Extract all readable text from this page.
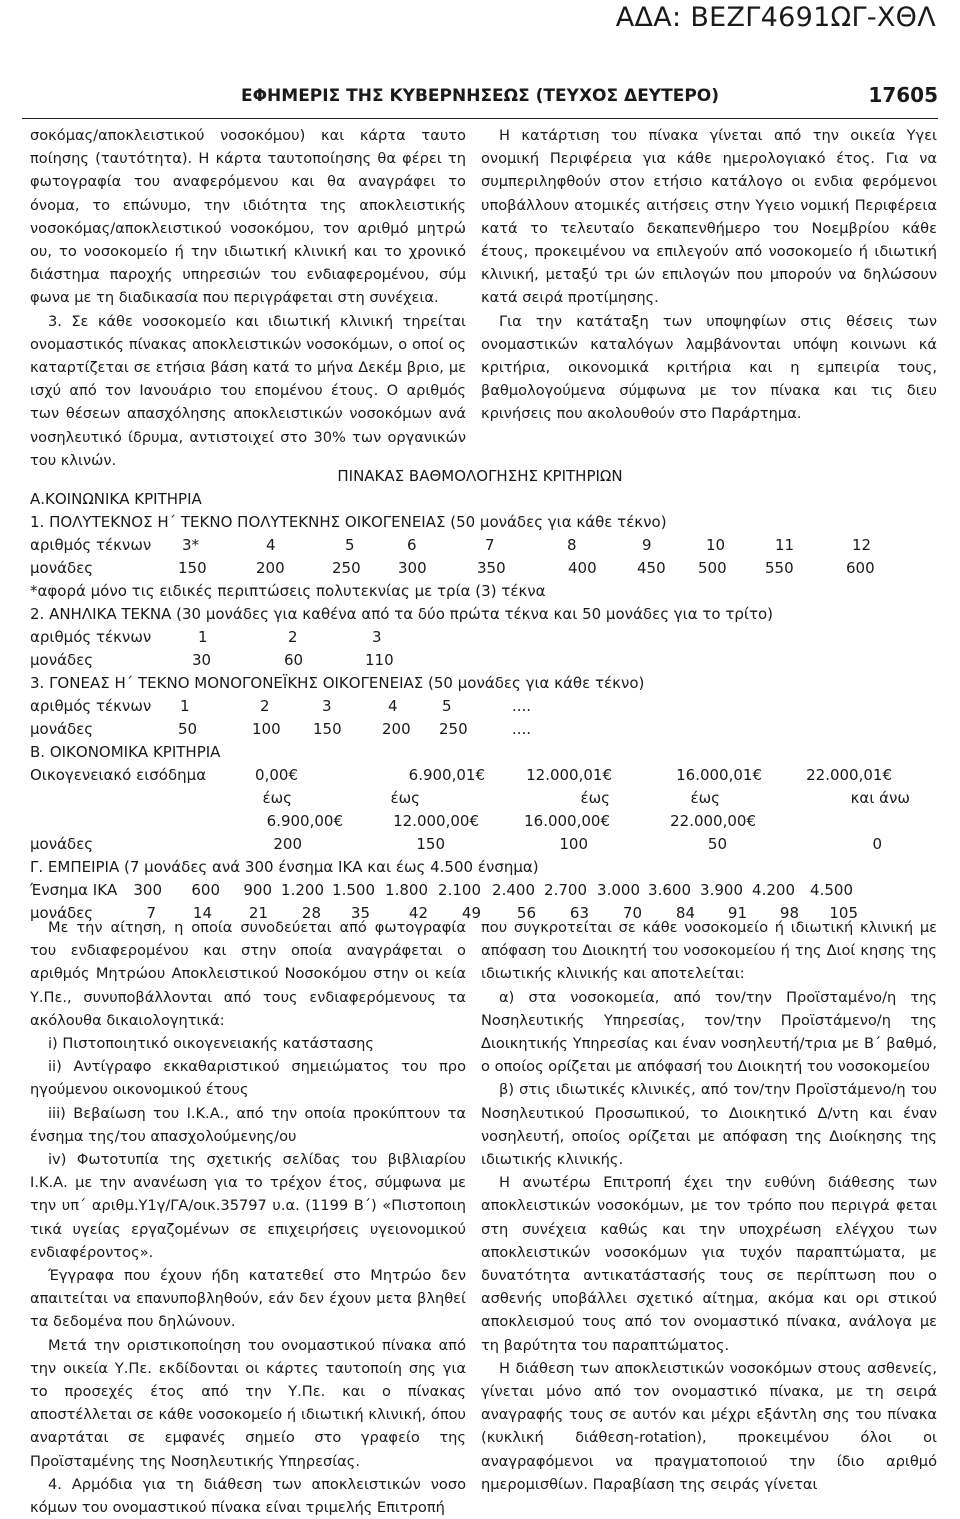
ΑΔΑ: ΒΕΖΓ4691ΩΓ-ΧΘΛ
ΕΦΗΜΕΡΙΣ ΤΗΣ ΚΥΒΕΡΝΗΣΕΩΣ (ΤΕΥΧΟΣ ΔΕΥΤΕΡΟ)	17605

σοκόμας/αποκλειστικού νοσοκόμου) και κάρτα ταυτο ποίησης (ταυτότητα). Η κάρτα ταυτοποίησης θα φέρει τη φωτογραφία του αναφερόμενου και θα αναγράφει το όνομα, το επώνυμο, την ιδιότητα της αποκλειστικής νοσοκόμας/αποκλειστικού νοσοκόμου, τον αριθμό μητρώ ου, το νοσοκομείο ή την ιδιωτική κλινική και το χρονικό διάστημα παροχής υπηρεσιών του ενδιαφερομένου, σύμ φωνα με τη διαδικασία που περιγράφεται στη συνέχεια.

3. Σε κάθε νοσοκομείο και ιδιωτική κλινική τηρείται ονομαστικός πίνακας αποκλειστικών νοσοκόμων, ο οποί ος καταρτίζεται σε ετήσια βάση κατά το μήνα Δεκέμ βριο, με ισχύ από τον Ιανουάριο του επομένου έτους. Ο αριθμός των θέσεων απασχόλησης αποκλειστικών νοσοκόμων ανά νοσηλευτικό ίδρυμα, αντιστοιχεί στο 30% των οργανικών του κλινών.

Η κατάρτιση του πίνακα γίνεται από την οικεία Υγει ονομική Περιφέρεια για κάθε ημερολογιακό έτος. Για να συμπεριληφθούν στον ετήσιο κατάλογο οι ενδια φερόμενοι υποβάλλουν ατομικές αιτήσεις στην Υγειο νομική Περιφέρεια κατά το τελευταίο δεκαπενθήμερο του Νοεμβρίου κάθε έτους, προκειμένου να επιλεγούν από νοσοκομείο ή ιδιωτική κλινική, μεταξύ τρι ών επιλογών που μπορούν να δηλώσουν κατά σειρά προτίμησης.

Για την κατάταξη των υποψηφίων στις θέσεις των ονομαστικών καταλόγων λαμβάνονται υπόψη κοινωνι κά κριτήρια, οικονομικά κριτήρια και η εμπειρία τους, βαθμολογούμενα σύμφωνα με τον πίνακα και τις διευ κρινήσεις που ακολουθούν στο Παράρτημα.

ΠΙΝΑΚΑΣ ΒΑΘΜΟΛΟΓΗΣΗΣ ΚΡΙΤΗΡΙΩΝ
Α.ΚΟΙΝΩΝΙΚΑ ΚΡΙΤΗΡΙΑ
1. ΠΟΛΥΤΕΚΝΟΣ Η΄ ΤΕΚΝΟ ΠΟΛΥΤΕΚΝΗΣ ΟΙΚΟΓΕΝΕΙΑΣ (50 μονάδες για κάθε τέκνο)
αριθμός τέκνων 3*	4	5	6	7	8	9	10	11	12
μονάδες	150	200	250 300	350	400	450 500	550	600
*αφορά μόνο τις ειδικές περιπτώσεις πολυτεκνίας με τρία (3) τέκνα
2. ΑΝΗΛΙΚΑ ΤΕΚΝΑ (30 μονάδες για καθένα από τα δύο πρώτα τέκνα και 50 μονάδες για το τρίτο)
αριθμός τέκνων	1	2	3
μονάδες	30	60	110
3. ΓΟΝΕΑΣ Η΄ ΤΕΚΝΟ ΜΟΝΟΓΟΝΕΪΚΗΣ ΟΙΚΟΓΕΝΕΙΑΣ (50 μονάδες για κάθε τέκνο)
αριθμός τέκνων 1	2	3	4	5	....
μονάδες	50	100 150	200 250	....
Β. ΟΙΚΟΝΟΜΙΚΑ ΚΡΙΤΗΡΙΑ
Οικογενειακό εισόδημα	0,00€	6.900,01€	12.000,01€	16.000,01€	22.000,01€
έως	έως	έως	έως	και άνω
6.900,00€	12.000,00€	16.000,00€	22.000,00€
μονάδες	200	150	100	50	0
Γ. ΕΜΠΕΙΡΙΑ (7 μονάδες ανά 300 ένσημα ΙΚΑ και έως 4.500 ένσημα)
Ένσημα ΙΚΑ 300 600 900 1.200 1.500 1.800 2.100 2.400 2.700 3.000 3.600 3.900 4.200 4.500
μονάδες	7 14 21 28 35	42 49 56 63 70 84 91 98 105

Με την αίτηση, η οποία συνοδεύεται από φωτογραφία του ενδιαφερομένου και στην οποία αναγράφεται ο αριθμός Μητρώου Αποκλειστικού Νοσοκόμου στην οι κεία Υ.Πε., συνυποβάλλονται από τους ενδιαφερόμενους τα ακόλουθα δικαιολογητικά:

i) Πιστοποιητικό οικογενειακής κατάστασης

ii) Αντίγραφο εκκαθαριστικού σημειώματος του προ ηγούμενου οικονομικού έτους

iii) Βεβαίωση του Ι.Κ.Α., από την οποία προκύπτουν τα ένσημα της/του απασχολούμενης/ου

iv) Φωτοτυπία της σχετικής σελίδας του βιβλιαρίου Ι.Κ.Α. με την ανανέωση για το τρέχον έτος, σύμφωνα με την υπ΄ αριθμ.Υ1γ/ΓΑ/οικ.35797 υ.α. (1199 Β΄) «Πιστοποιη τικά υγείας εργαζομένων σε επιχειρήσεις υγειονομικού ενδιαφέροντος».

Έγγραφα που έχουν ήδη κατατεθεί στο Μητρώο δεν απαιτείται να επανυποβληθούν, εάν δεν έχουν μετα βληθεί τα δεδομένα που δηλώνουν.

Μετά την οριστικοποίηση του ονομαστικού πίνακα από την οικεία Υ.Πε. εκδίδονται οι κάρτες ταυτοποίη σης για το προσεχές έτος από την Υ.Πε. και ο πίνακας αποστέλλεται σε κάθε νοσοκομείο ή ιδιωτική κλινική, όπου αναρτάται σε εμφανές σημείο στο γραφείο της Προϊσταμένης της Νοσηλευτικής Υπηρεσίας.

4. Αρμόδια για τη διάθεση των αποκλειστικών νοσο κόμων του ονομαστικού πίνακα είναι τριμελής Επιτροπή

που συγκροτείται σε κάθε νοσοκομείο ή ιδιωτική κλινική με απόφαση του Διοικητή του νοσοκομείου ή της Διοί κησης της ιδιωτικής κλινικής και αποτελείται:

α) στα νοσοκομεία, από τον/την Προϊσταμένο/η της Νοσηλευτικής Υπηρεσίας, τον/την Προϊστάμενο/η της Διοικητικής Υπηρεσίας και έναν νοσηλευτή/τρια με Β΄ βαθμό, ο οποίος ορίζεται με απόφασή του Διοικητή του νοσοκομείου

β) στις ιδιωτικές κλινικές, από τον/την Προϊστάμενο/η του Νοσηλευτικού Προσωπικού, το Διοικητικό Δ/ντη και έναν νοσηλευτή, οποίος ορίζεται με απόφαση της Διοίκησης της ιδιωτικής κλινικής.

Η ανωτέρω Επιτροπή έχει την ευθύνη διάθεσης των αποκλειστικών νοσοκόμων, με τον τρόπο που περιγρά φεται στη συνέχεια καθώς και την υποχρέωση ελέγχου των αποκλειστικών νοσοκόμων για τυχόν παραπτώματα, με δυνατότητα αντικατάστασής τους σε περίπτωση που ο ασθενής υποβάλλει σχετικό αίτημα, ακόμα και ορι στικού αποκλεισμού τους από τον ονομαστικό πίνακα, ανάλογα με τη βαρύτητα του παραπτώματος.

Η διάθεση των αποκλειστικών νοσοκόμων στους ασθενείς, γίνεται μόνο από τον ονομαστικό πίνακα, με τη σειρά αναγραφής τους σε αυτόν και μέχρι εξάντλη σης του πίνακα (κυκλική διάθεση-rotation), προκειμένου όλοι οι αναγραφόμενοι να πραγματοποιού την ίδιο αριθμό ημερομισθίων. Παραβίαση της σειράς γίνεται
